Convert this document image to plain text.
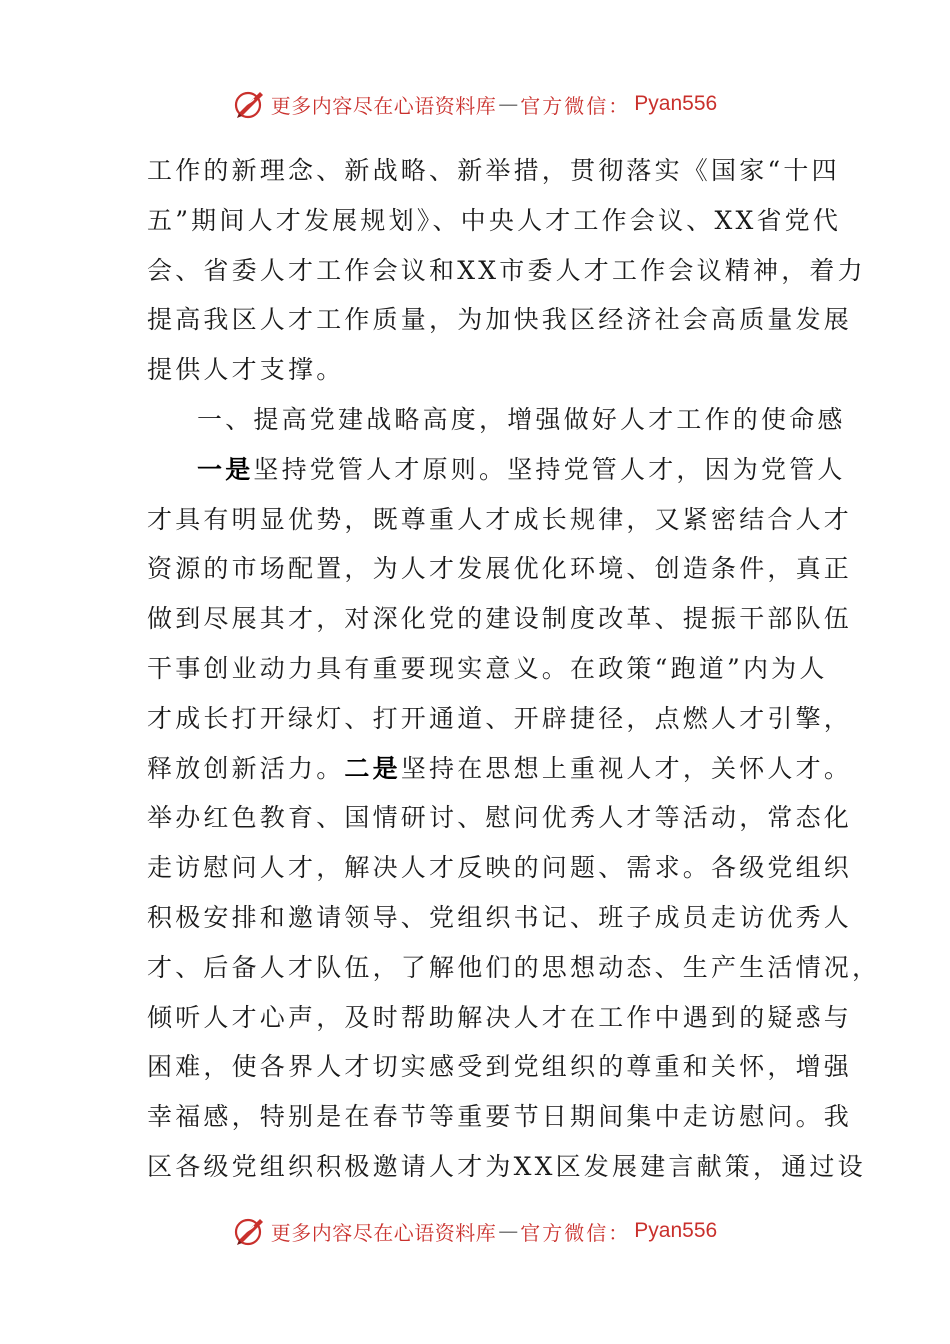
更多内容尽在心语资料库 — 官方微信： Pyan556
工作的新理念、新战略、新举措，贯彻落实《国家“十四
五”期间人才发展规划》、中央人才工作会议、XX省党代
会、省委人才工作会议和XX市委人才工作会议精神，着力
提高我区人才工作质量，为加快我区经济社会高质量发展
提供人才支撑。
一、提高党建战略高度，增强做好人才工作的使命感
一是坚持党管人才原则。坚持党管人才，因为党管人
才具有明显优势，既尊重人才成长规律，又紧密结合人才
资源的市场配置，为人才发展优化环境、创造条件，真正
做到尽展其才，对深化党的建设制度改革、提振干部队伍
干事创业动力具有重要现实意义。在政策“跑道”内为人
才成长打开绿灯、打开通道、开辟捷径，点燃人才引擎，
释放创新活力。二是坚持在思想上重视人才，关怀人才。
举办红色教育、国情研讨、慰问优秀人才等活动，常态化
走访慰问人才，解决人才反映的问题、需求。各级党组织
积极安排和邀请领导、党组织书记、班子成员走访优秀人
才、后备人才队伍，了解他们的思想动态、生产生活情况，
倾听人才心声，及时帮助解决人才在工作中遇到的疑惑与
困难，使各界人才切实感受到党组织的尊重和关怀，增强
幸福感，特别是在春节等重要节日期间集中走访慰问。我
区各级党组织积极邀请人才为XX区发展建言献策，通过设
更多内容尽在心语资料库 — 官方微信： Pyan556
